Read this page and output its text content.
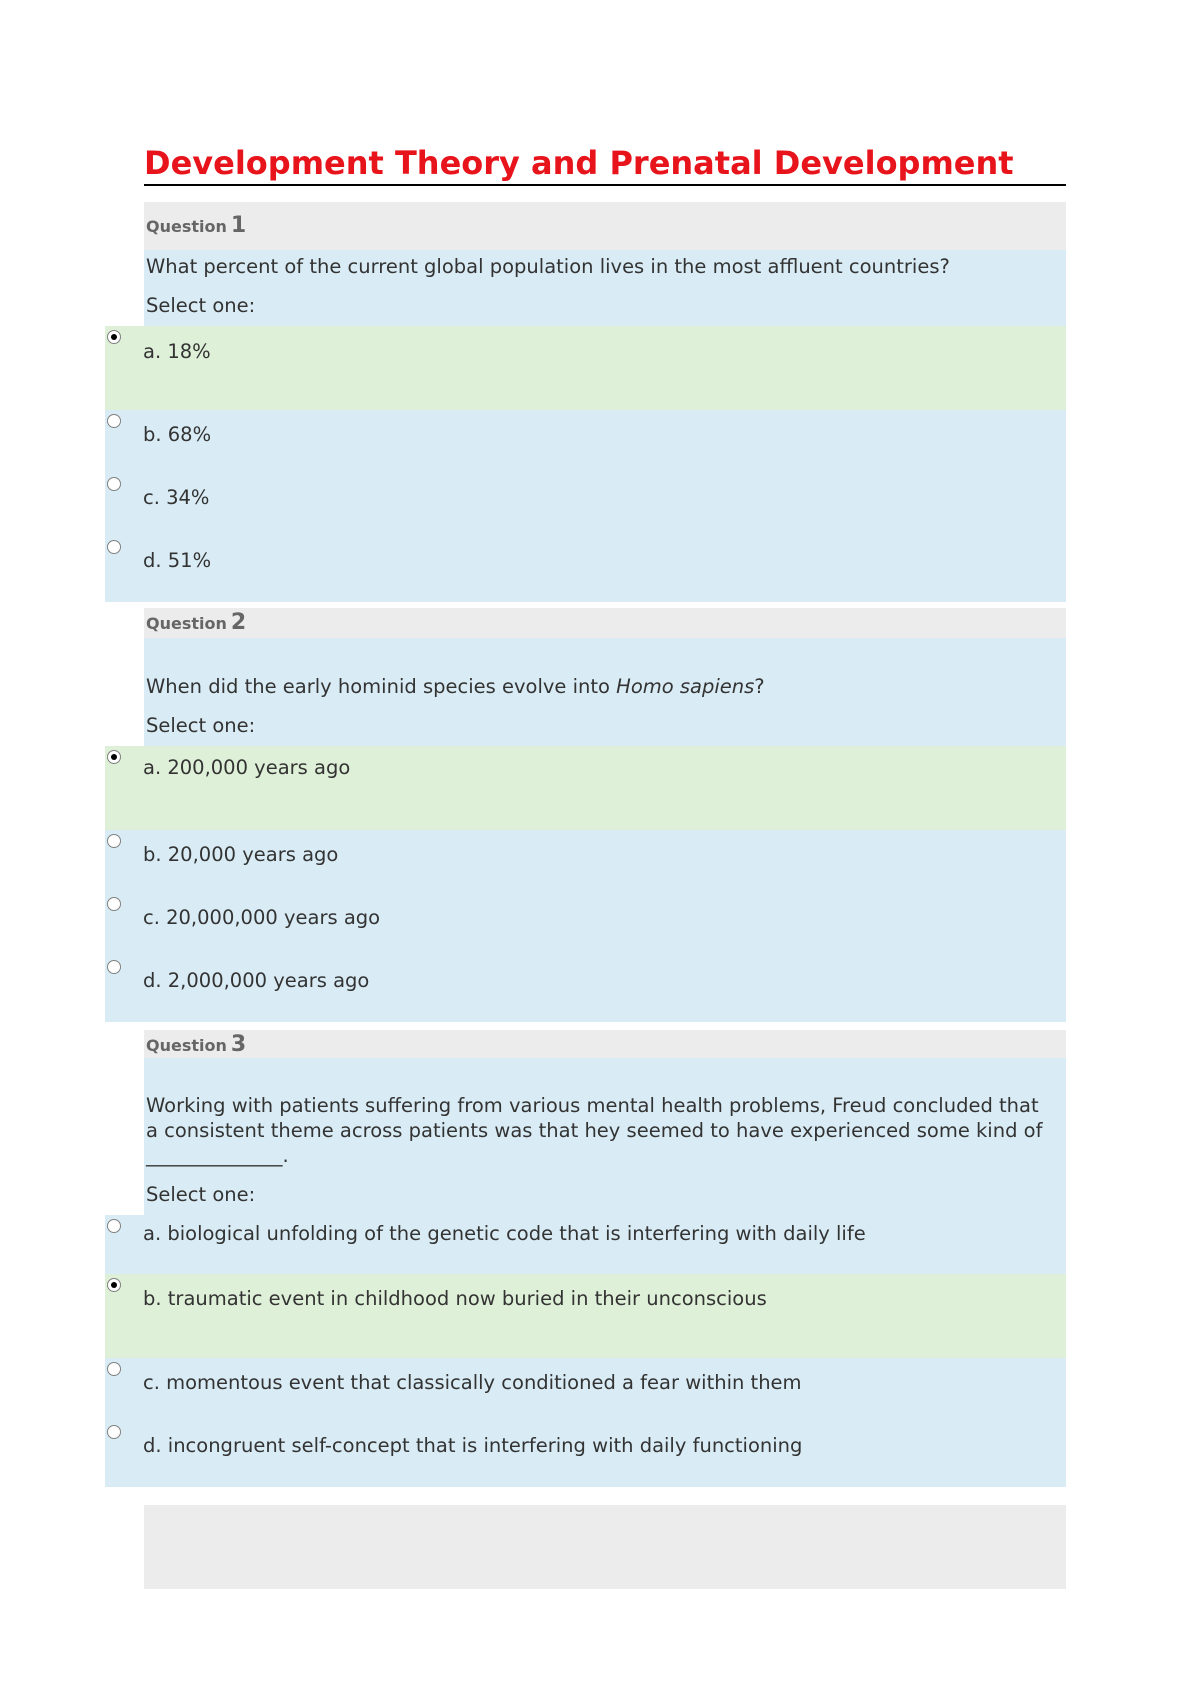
Development Theory and Prenatal Development
Question 1
What percent of the current global population lives in the most affluent countries?
Select one:
a. 18%
b. 68%
c. 34%
d. 51%
Question 2
When did the early hominid species evolve into Homo sapiens?
Select one:
a. 200,000 years ago
b. 20,000 years ago
c. 20,000,000 years ago
d. 2,000,000 years ago
Question 3
Working with patients suffering from various mental health problems, Freud concluded that a consistent theme across patients was that hey seemed to have experienced some kind of ______________.
Select one:
a. biological unfolding of the genetic code that is interfering with daily life
b. traumatic event in childhood now buried in their unconscious
c. momentous event that classically conditioned a fear within them
d. incongruent self-concept that is interfering with daily functioning
